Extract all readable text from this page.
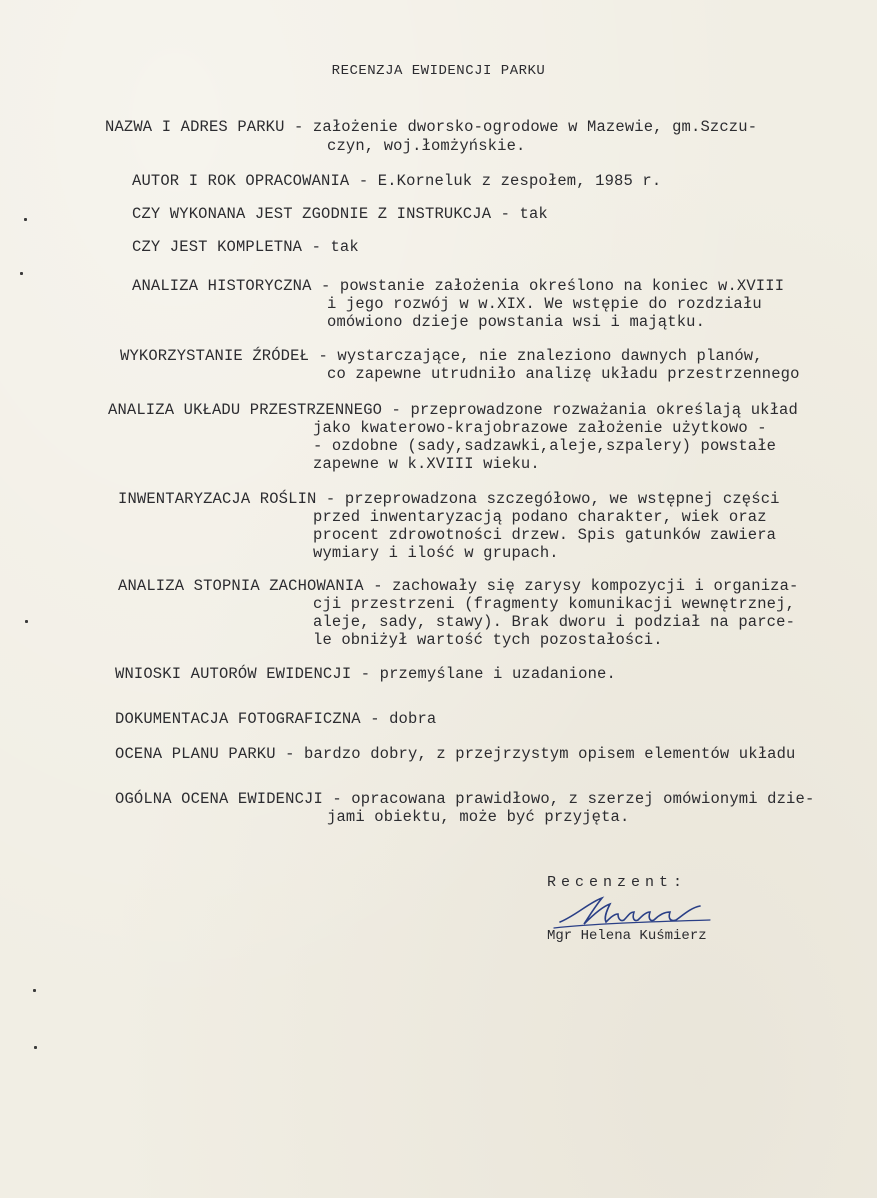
RECENZJA EWIDENCJI PARKU
NAZWA I ADRES PARKU - założenie dworsko-ogrodowe w Mazewie, gm.Szczu-
czyn, woj.łomżyńskie.
AUTOR I ROK OPRACOWANIA - E.Korneluk z zespołem, 1985 r.
CZY WYKONANA JEST ZGODNIE Z INSTRUKCJA - tak
CZY JEST KOMPLETNA - tak
ANALIZA HISTORYCZNA - powstanie założenia określono na koniec w.XVIII
i jego rozwój w w.XIX. We wstępie do rozdziału
omówiono dzieje powstania wsi i majątku.
WYKORZYSTANIE ŹRÓDEŁ - wystarczające, nie znaleziono dawnych planów,
co zapewne utrudniło analizę układu przestrzennego
ANALIZA UKŁADU PRZESTRZENNEGO - przeprowadzone rozważania określają układ
jako kwaterowo-krajobrazowe założenie użytkowo -
- ozdobne (sady,sadzawki,aleje,szpalery) powstałe
zapewne w k.XVIII wieku.
INWENTARYZACJA ROŚLIN - przeprowadzona szczegółowo, we wstępnej części
przed inwentaryzacją podano charakter, wiek oraz
procent zdrowotności drzew. Spis gatunków zawiera
wymiary i ilość w grupach.
ANALIZA STOPNIA ZACHOWANIA - zachowały się zarysy kompozycji i organiza-
cji przestrzeni (fragmenty komunikacji wewnętrznej,
aleje, sady, stawy). Brak dworu i podział na parce-
le obniżył wartość tych pozostałości.
WNIOSKI AUTORÓW EWIDENCJI - przemyślane i uzadanione.
DOKUMENTACJA FOTOGRAFICZNA - dobra
OCENA PLANU PARKU - bardzo dobry, z przejrzystym opisem elementów układu
OGÓLNA OCENA EWIDENCJI - opracowana prawidłowo, z szerzej omówionymi dzie-
jami obiektu, może być przyjęta.
Recenzent:
Mgr Helena Kuśmierz
